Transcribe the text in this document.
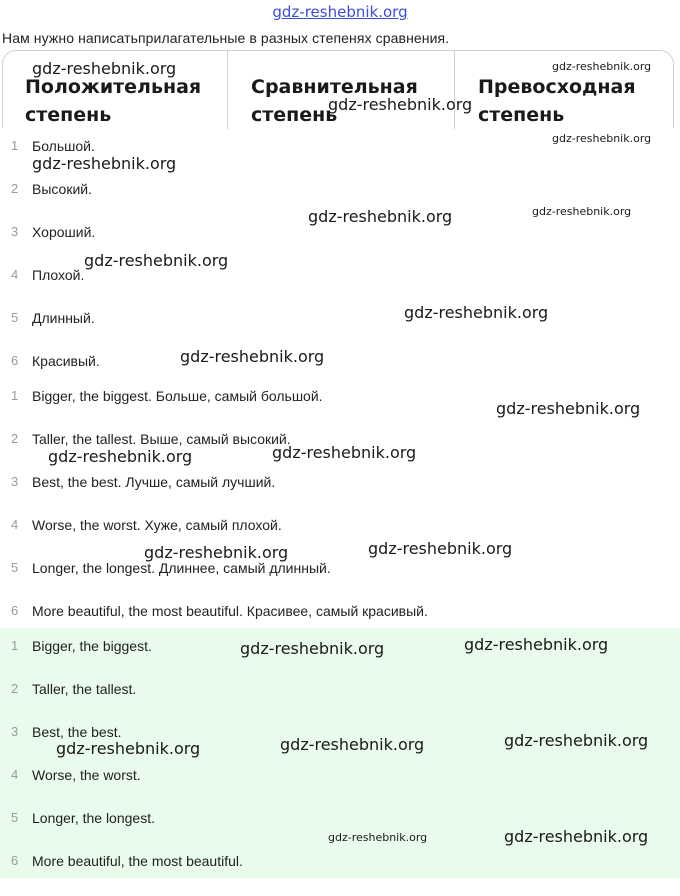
gdz-reshebnik.org
Нам нужно написатьприлагательные в разных степенях сравнения.
Положительная степень
Сравнительная степень
Превосходная степень
1 Большой.
2 Высокий.
3 Хороший.
4 Плохой.
5 Длинный.
6 Красивый.
1 Bigger, the biggest. Больше, самый большой.
2 Taller, the tallest. Выше, самый высокий.
3 Best, the best. Лучше, самый лучший.
4 Worse, the worst. Хуже, самый плохой.
5 Longer, the longest. Длиннее, самый длинный.
6 More beautiful, the most beautiful. Красивее, самый красивый.
1 Bigger, the biggest.
2 Taller, the tallest.
3 Best, the best.
4 Worse, the worst.
5 Longer, the longest.
6 More beautiful, the most beautiful.
gdz-reshebnik.org	gdz-reshebnik.org
gdz-reshebnik.org
gdz-reshebnik.org
gdz-reshebnik.org
gdz-reshebnik.org
gdz-reshebnik.org
gdz-reshebnik.org
gdz-reshebnik.org
gdz-reshebnik.org
gdz-reshebnik.org
gdz-reshebnik.org
gdz-reshebnik.org
gdz-reshebnik.org
gdz-reshebnik.org
gdz-reshebnik.org
gdz-reshebnik.org
gdz-reshebnik.org
gdz-reshebnik.org
gdz-reshebnik.org
gdz-reshebnik.org
gdz-reshebnik.org
